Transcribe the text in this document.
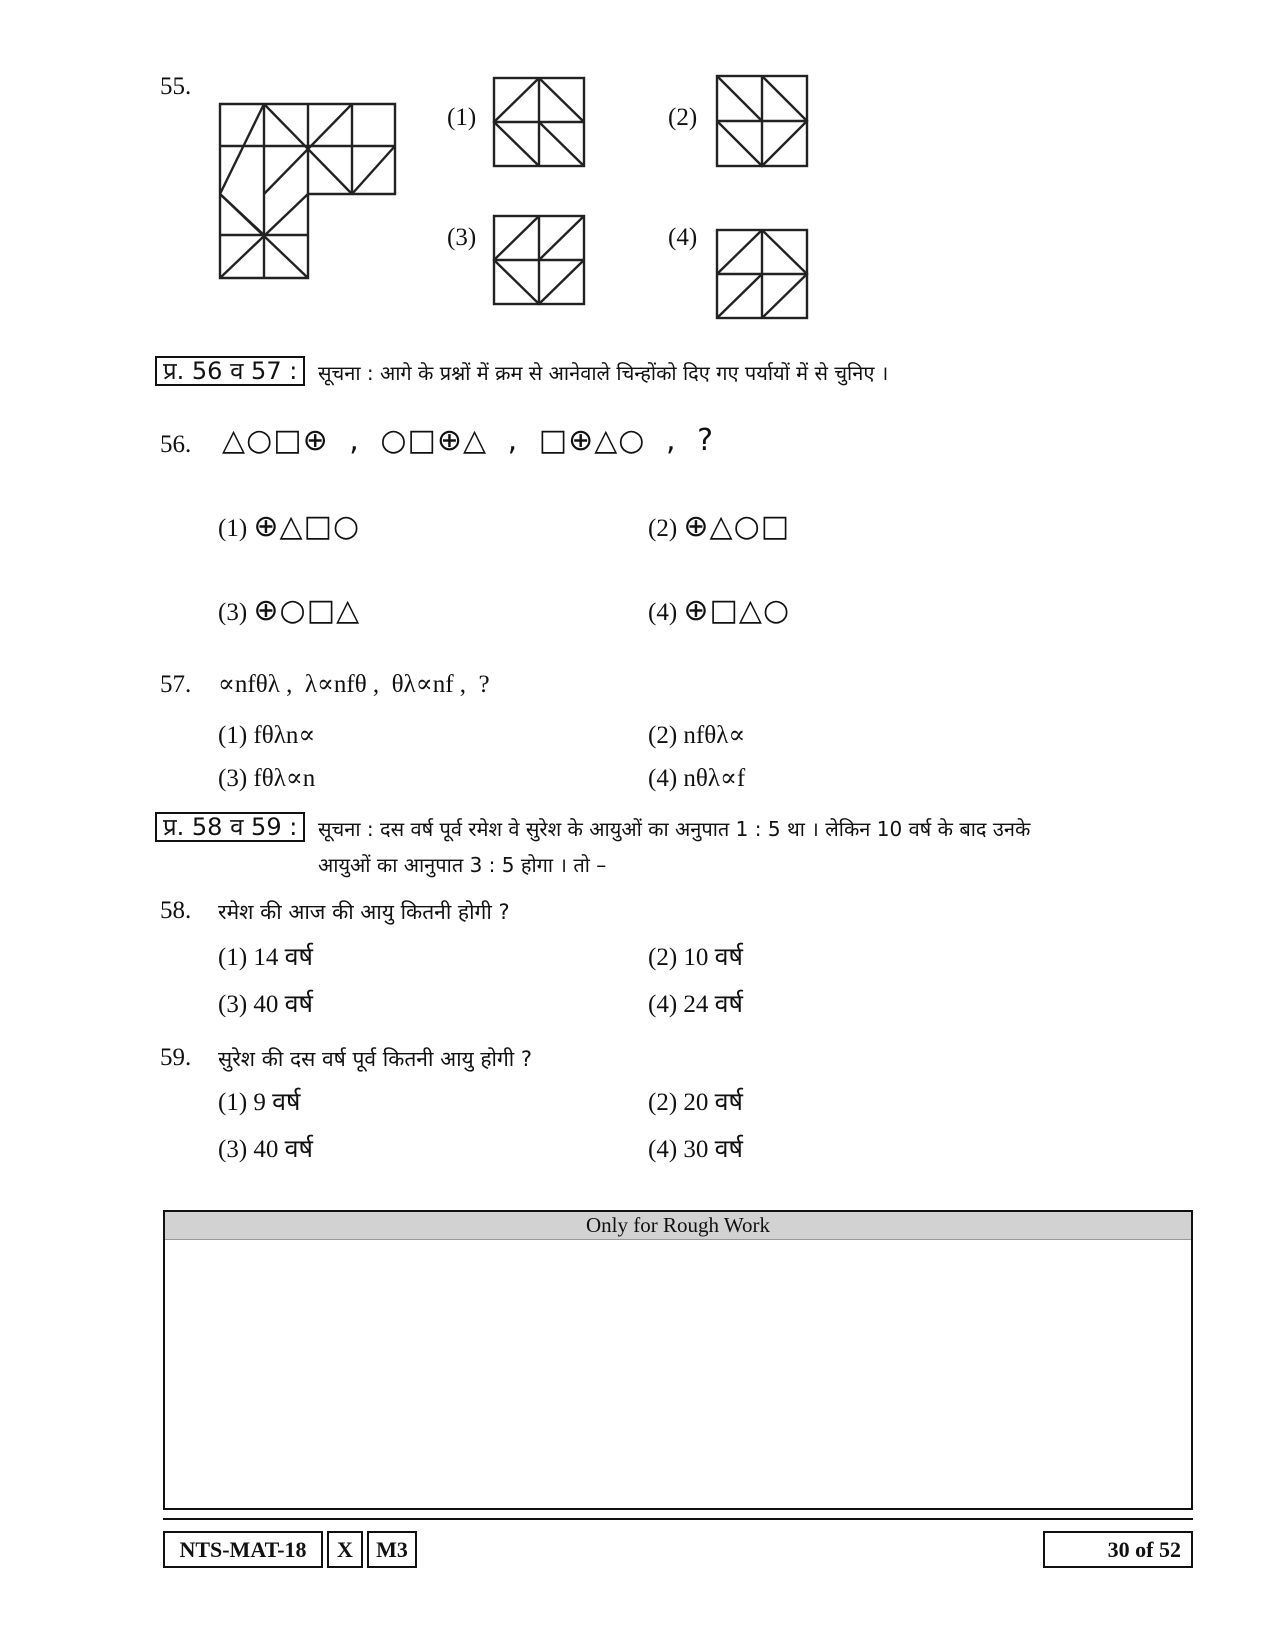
55.
(1)	(2)
(3)	(4)
प्र. 56 व 57 :	सूचना : आगे के प्रश्नों में क्रम से आनेवाले चिन्होंको दिए गए पर्यायों में से चुनिए ।
56. △○□⊕ , ○□⊕△ , □⊕△○ , ?
(1) ⊕△□○	(2) ⊕△○□
(3) ⊕○□△	(4) ⊕□△○
57. ∝nfθλ ,  λ∝nfθ ,  θλ∝nf ,  ?
(1) fθλn∝	(2) nfθλ∝
(3) fθλ∝n	(4) nθλ∝f
प्र. 58 व 59 :	सूचना : दस वर्ष पूर्व रमेश वे सुरेश के आयुओं का अनुपात 1 : 5 था । लेकिन 10 वर्ष के बाद उनके
आयुओं का आनुपात 3 : 5 होगा । तो –
58. रमेश की आज की आयु कितनी होगी ?
(1) 14 वर्ष	(2) 10 वर्ष
(3) 40 वर्ष	(4) 24 वर्ष
59. सुरेश की दस वर्ष पूर्व कितनी आयु होगी ?
(1) 9 वर्ष	(2) 20 वर्ष
(3) 40 वर्ष	(4) 30 वर्ष
Only for Rough Work
NTS-MAT-18	X	M3	30 of 52
